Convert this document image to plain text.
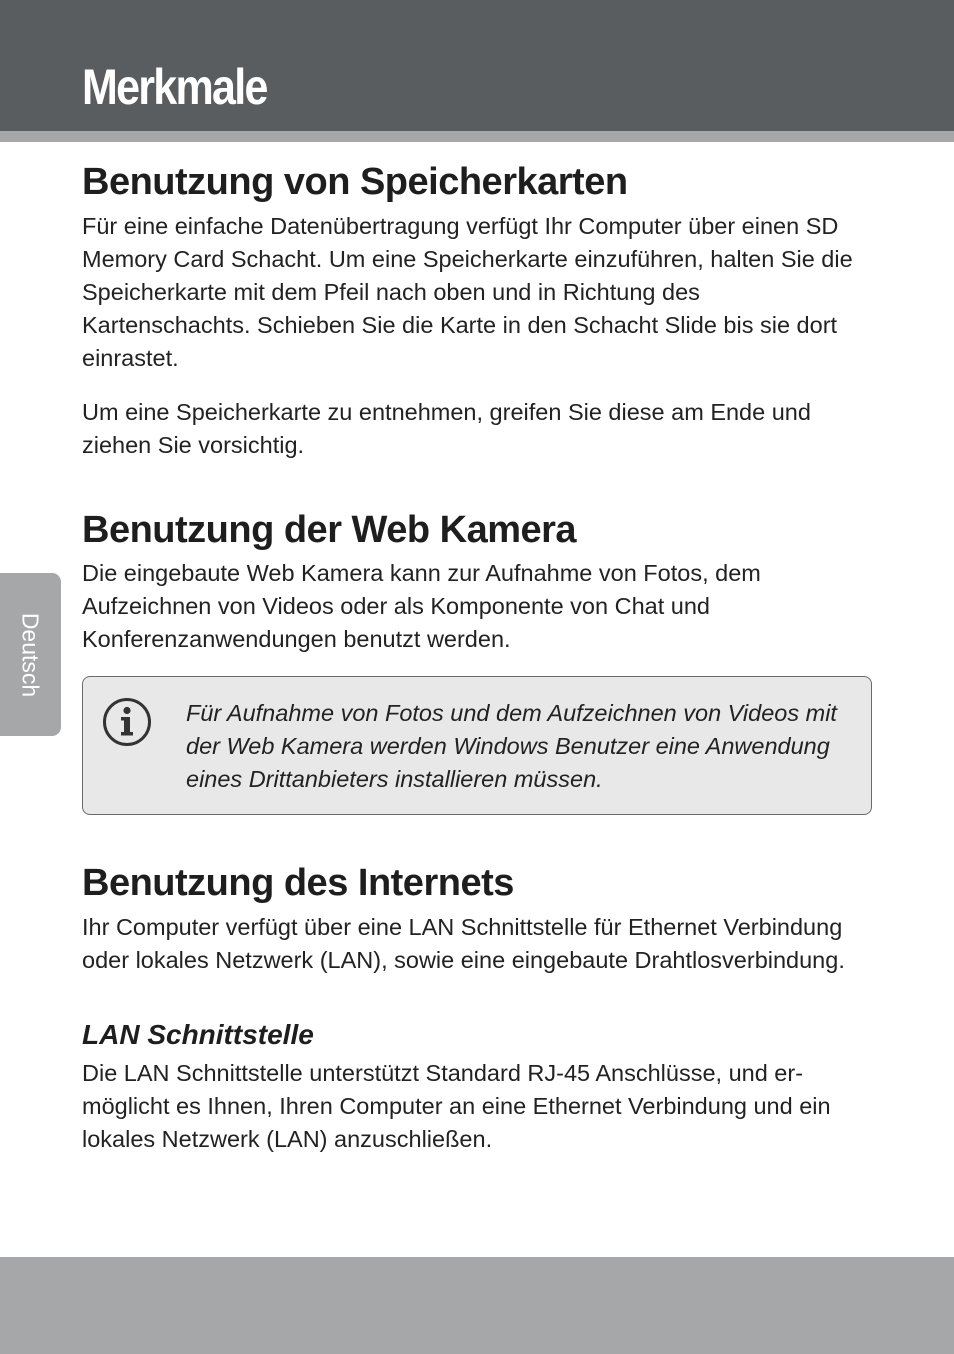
Merkmale
Deutsch
Benutzung von Speicherkarten

Für eine einfache Datenübertragung verfügt Ihr Computer über einen SD Memory Card Schacht. Um eine Speicherkarte einzuführen, halten Sie die Speicherkarte mit dem Pfeil nach oben und in Richtung des Kartenschachts. Schieben Sie die Karte in den Schacht Slide bis sie dort einrastet.

Um eine Speicherkarte zu entnehmen, greifen Sie diese am Ende und ziehen Sie vorsichtig.

Benutzung der Web Kamera

Die eingebaute Web Kamera kann zur Aufnahme von Fotos, dem Aufzeichnen von Videos oder als Komponente von Chat und Konferenzanwendungen benutzt werden.

Für Aufnahme von Fotos und dem Aufzeichnen von Videos mit der Web Kamera werden Windows Benutzer eine Anwendung eines Drittanbieters installieren müssen.

Benutzung des Internets

Ihr Computer verfügt über eine LAN Schnittstelle für Ethernet Verbindung oder lokales Netzwerk (LAN), sowie eine eingebaute Drahtlosverbindung.

LAN Schnittstelle

Die LAN Schnittstelle unterstützt Standard RJ-45 Anschlüsse, und er-möglicht es Ihnen, Ihren Computer an eine Ethernet Verbindung und ein lokales Netzwerk (LAN) anzuschließen.
